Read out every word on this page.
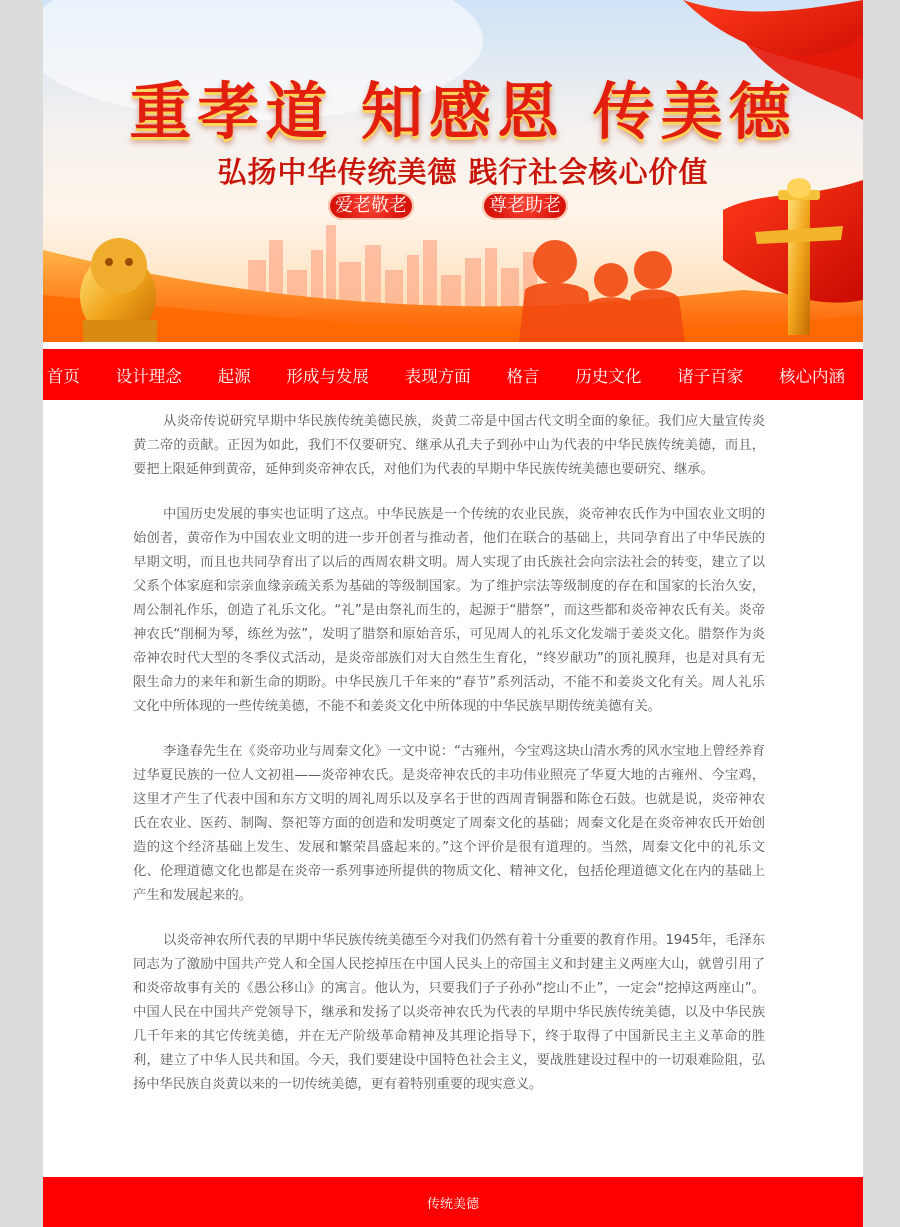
重孝道 知感恩 传美德
弘扬中华传统美德 践行社会核心价值
爱老敬老	尊老助老
首页 设计理念 起源 形成与发展 表现方面 格言 历史文化 诸子百家 核心内涵

从炎帝传说研究早期中华民族传统美德民族，炎黄二帝是中国古代文明全面的象征。我们应大量宣传炎黄二帝的贡献。正因为如此，我们不仅要研究、继承从孔夫子到孙中山为代表的中华民族传统美德，而且，要把上限延伸到黄帝，延伸到炎帝神农氏，对他们为代表的早期中华民族传统美德也要研究、继承。

中国历史发展的事实也证明了这点。中华民族是一个传统的农业民族，炎帝神农氏作为中国农业文明的始创者，黄帝作为中国农业文明的进一步开创者与推动者，他们在联合的基础上，共同孕育出了中华民族的早期文明，而且也共同孕育出了以后的西周农耕文明。周人实现了由氏族社会向宗法社会的转变，建立了以父系个体家庭和宗亲血缘亲疏关系为基础的等级制国家。为了维护宗法等级制度的存在和国家的长治久安，周公制礼作乐，创造了礼乐文化。“礼”是由祭礼而生的，起源于“腊祭”，而这些都和炎帝神农氏有关。炎帝神农氏“削桐为琴，练丝为弦”，发明了腊祭和原始音乐，可见周人的礼乐文化发端于姜炎文化。腊祭作为炎帝神农时代大型的冬季仪式活动，是炎帝部族们对大自然生生育化，“终岁献功”的顶礼膜拜，也是对具有无限生命力的来年和新生命的期盼。中华民族几千年来的“春节”系列活动，不能不和姜炎文化有关。周人礼乐文化中所体现的一些传统美德，不能不和姜炎文化中所体现的中华民族早期传统美德有关。

李逢春先生在《炎帝功业与周秦文化》一文中说：“古雍州，今宝鸡这块山清水秀的风水宝地上曾经养育过华夏民族的一位人文初祖——炎帝神农氏。是炎帝神农氏的丰功伟业照亮了华夏大地的古雍州、今宝鸡，这里才产生了代表中国和东方文明的周礼周乐以及享名于世的西周青铜器和陈仓石鼓。也就是说，炎帝神农氏在农业、医药、制陶、祭祀等方面的创造和发明奠定了周秦文化的基础；周秦文化是在炎帝神农氏开始创造的这个经济基础上发生、发展和繁荣昌盛起来的。”这个评价是很有道理的。当然，周秦文化中的礼乐文化、伦理道德文化也都是在炎帝一系列事迹所提供的物质文化、精神文化，包括伦理道德文化在内的基础上产生和发展起来的。

以炎帝神农所代表的早期中华民族传统美德至今对我们仍然有着十分重要的教育作用。1945年，毛泽东同志为了激励中国共产党人和全国人民挖掉压在中国人民头上的帝国主义和封建主义两座大山，就曾引用了和炎帝故事有关的《愚公移山》的寓言。他认为，只要我们子子孙孙“挖山不止”，一定会“挖掉这两座山”。中国人民在中国共产党领导下，继承和发扬了以炎帝神农氏为代表的早期中华民族传统美德，以及中华民族几千年来的其它传统美德，并在无产阶级革命精神及其理论指导下，终于取得了中国新民主主义革命的胜利，建立了中华人民共和国。今天，我们要建设中国特色社会主义，要战胜建设过程中的一切艰难险阻，弘扬中华民族自炎黄以来的一切传统美德，更有着特别重要的现实意义。

传统美德
